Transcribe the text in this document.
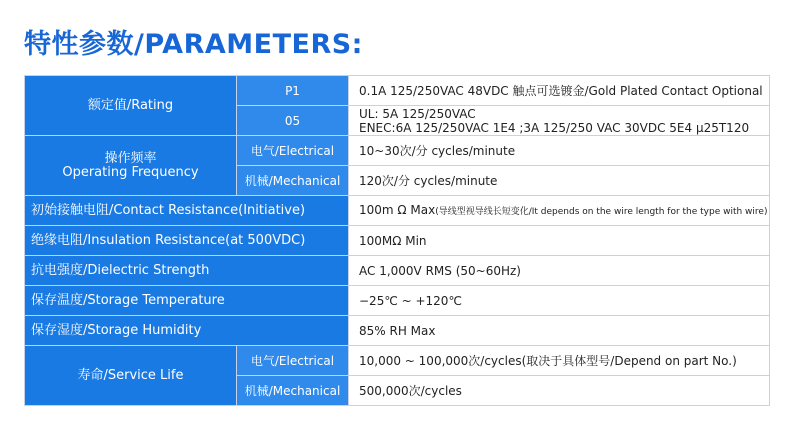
特性参数/PARAMETERS:
额定值/Rating	P1	0.1A 125/250VAC 48VDC 触点可选镀金/Gold Plated Contact Optional
	05	UL: 5A 125/250VAC
ENEC:6A 125/250VAC 1E4 ;3A 125/250 VAC 30VDC 5E4 μ25T120

操作频率
Operating Frequency	电气/Electrical	10~30次/分 cycles/minute
	机械/Mechanical	120次/分 cycles/minute
初始接触电阻/Contact Resistance(Initiative)		100m Ω Max(导线型视导线长短变化/It depends on the wire length for the type with wire)
绝缘电阻/Insulation Resistance(at 500VDC)		100MΩ Min
抗电强度/Dielectric Strength		AC 1,000V RMS (50~60Hz)
保存温度/Storage Temperature		−25℃ ~ +120℃
保存湿度/Storage Humidity		85% RH Max
寿命/Service Life	电气/Electrical	10,000 ~ 100,000次/cycles(取决于具体型号/Depend on part No.)
	机械/Mechanical	500,000次/cycles
